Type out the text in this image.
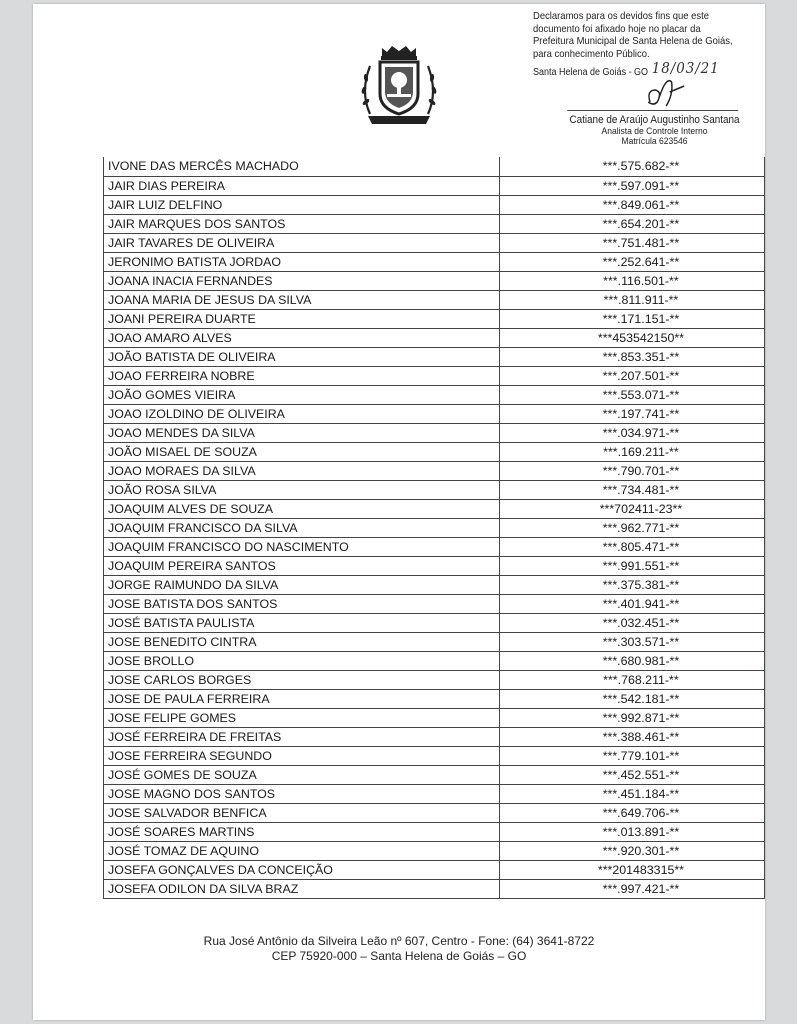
Declaramos para os devidos fins que este
documento foi afixado hoje no placar da
Prefeitura Municipal de Santa Helena de Goiás,
para conhecimento Público.
Santa Helena de Goiás - GO 18/03/21
Catiane de Araújo Augustinho Santana
Analista de Controle Interno
Matrícula 623546
IVONE DAS MERCÊS MACHADO	***.575.682-**
JAIR DIAS PEREIRA	***.597.091-**
JAIR LUIZ DELFINO	***.849.061-**
JAIR MARQUES DOS SANTOS	***.654.201-**
JAIR TAVARES DE OLIVEIRA	***.751.481-**
JERONIMO BATISTA JORDAO	***.252.641-**
JOANA INACIA FERNANDES	***.116.501-**
JOANA MARIA DE JESUS DA SILVA	***.811.911-**
JOANI PEREIRA DUARTE	***.171.151-**
JOAO AMARO ALVES	***453542150**
JOÃO BATISTA DE OLIVEIRA	***.853.351-**
JOAO FERREIRA NOBRE	***.207.501-**
JOÃO GOMES VIEIRA	***.553.071-**
JOAO IZOLDINO DE OLIVEIRA	***.197.741-**
JOAO MENDES DA SILVA	***.034.971-**
JOÃO MISAEL DE SOUZA	***.169.211-**
JOAO MORAES DA SILVA	***.790.701-**
JOÃO ROSA SILVA	***.734.481-**
JOAQUIM ALVES DE SOUZA	***702411-23**
JOAQUIM FRANCISCO DA SILVA	***.962.771-**
JOAQUIM FRANCISCO DO NASCIMENTO	***.805.471-**
JOAQUIM PEREIRA SANTOS	***.991.551-**
JORGE RAIMUNDO DA SILVA	***.375.381-**
JOSE BATISTA DOS SANTOS	***.401.941-**
JOSÉ BATISTA PAULISTA	***.032.451-**
JOSE BENEDITO CINTRA	***.303.571-**
JOSE BROLLO	***.680.981-**
JOSE CARLOS BORGES	***.768.211-**
JOSE DE PAULA FERREIRA	***.542.181-**
JOSE FELIPE GOMES	***.992.871-**
JOSÉ FERREIRA DE FREITAS	***.388.461-**
JOSE FERREIRA SEGUNDO	***.779.101-**
JOSÉ GOMES DE SOUZA	***.452.551-**
JOSE MAGNO DOS SANTOS	***.451.184-**
JOSE SALVADOR BENFICA	***.649.706-**
JOSÉ SOARES MARTINS	***.013.891-**
JOSÉ TOMAZ DE AQUINO	***.920.301-**
JOSEFA GONÇALVES DA CONCEIÇÃO	***201483315**
JOSEFA ODILON DA SILVA BRAZ	***.997.421-**
Rua José Antônio da Silveira Leão nº 607, Centro - Fone: (64) 3641-8722
CEP 75920-000 – Santa Helena de Goiás – GO
